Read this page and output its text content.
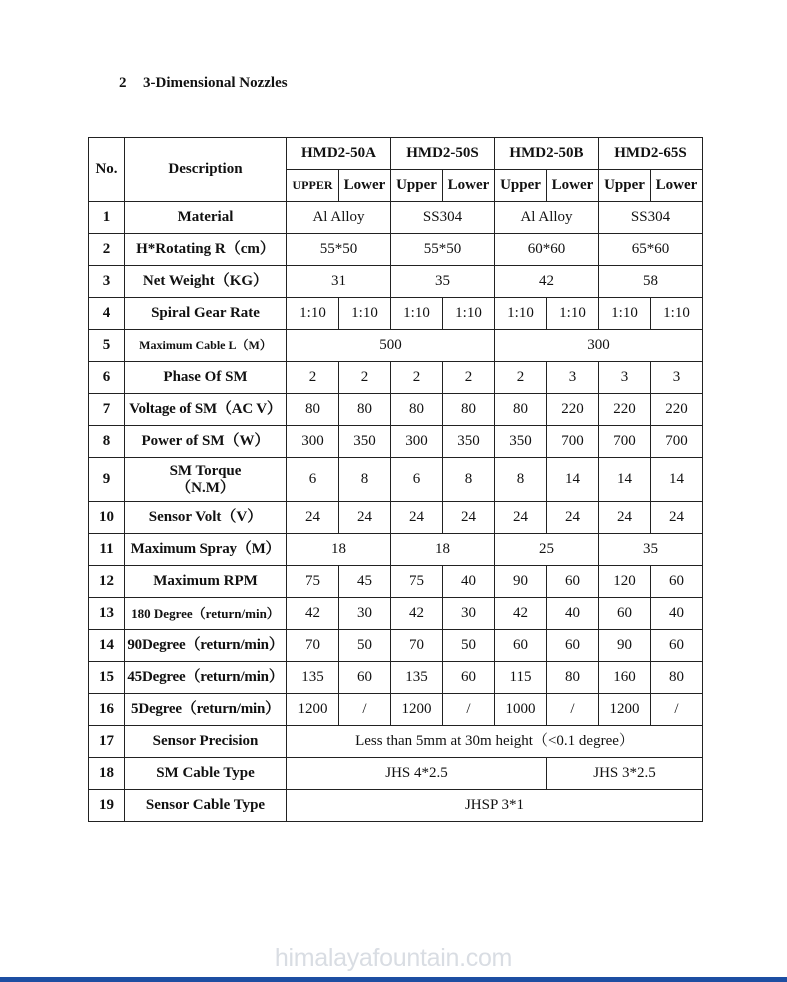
2 3-Dimensional Nozzles
No.	Description	HMD2-50A		HMD2-50S		HMD2-50B		HMD2-65S	
		UPPER	Lower	Upper	Lower	Upper	Lower	Upper	Lower
1	Material	Al Alloy		SS304		Al Alloy		SS304	
2	H*Rotating R（cm）	55*50		55*50		60*60		65*60	
3	Net Weight（KG）	31		35		42		58	
4	Spiral Gear Rate	1:10	1:10	1:10	1:10	1:10	1:10	1:10	1:10
5	Maximum Cable L（M）	500				300			
6	Phase Of SM	2	2	2	2	2	3	3	3
7	Voltage of SM（AC V）	80	80	80	80	80	220	220	220
8	Power of SM（W）	300	350	300	350	350	700	700	700
9	SM Torque
（N.M）	6	8	6	8	8	14	14	14
10	Sensor Volt（V）	24	24	24	24	24	24	24	24
11	Maximum Spray（M）	18		18		25		35	
12	Maximum RPM	75	45	75	40	90	60	120	60
13	180 Degree（return/min）	42	30	42	30	42	40	60	40
14	90Degree（return/min）	70	50	70	50	60	60	90	60
15	45Degree（return/min）	135	60	135	60	115	80	160	80
16	5Degree（return/min）	1200	/	1200	/	1000	/	1200	/
17	Sensor Precision	Less than 5mm at 30m height（<0.1 degree）							
18	SM Cable Type	JHS 4*2.5					JHS 3*2.5		
19	Sensor Cable Type	JHSP 3*1							
himalayafountain.com
